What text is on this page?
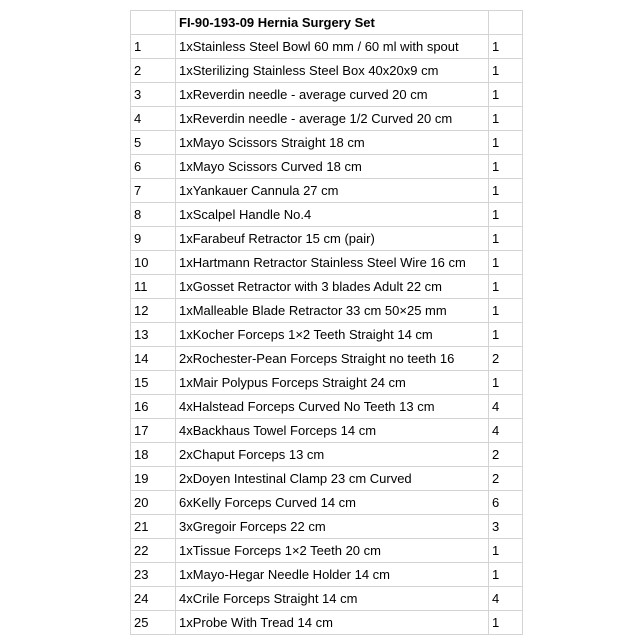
	FI-90-193-09 Hernia Surgery Set	
1	1xStainless Steel Bowl 60 mm / 60 ml with spout	1
2	1xSterilizing Stainless Steel Box 40x20x9 cm	1
3	1xReverdin needle - average curved 20 cm	1
4	1xReverdin needle - average 1/2 Curved 20 cm	1
5	1xMayo Scissors Straight 18 cm	1
6	1xMayo Scissors Curved 18 cm	1
7	1xYankauer Cannula 27 cm	1
8	1xScalpel Handle No.4	1
9	1xFarabeuf Retractor 15 cm (pair)	1
10	1xHartmann Retractor Stainless Steel Wire 16 cm	1
11	1xGosset Retractor with 3 blades Adult 22 cm	1
12	1xMalleable Blade Retractor 33 cm 50×25 mm	1
13	1xKocher Forceps 1×2 Teeth Straight 14 cm	1
14	2xRochester-Pean Forceps Straight no teeth 16	2
15	1xMair Polypus Forceps Straight 24 cm	1
16	4xHalstead Forceps Curved No Teeth 13 cm	4
17	4xBackhaus Towel Forceps 14 cm	4
18	2xChaput Forceps 13 cm	2
19	2xDoyen Intestinal Clamp 23 cm Curved	2
20	6xKelly Forceps Curved 14 cm	6
21	3xGregoir Forceps 22 cm	3
22	1xTissue Forceps 1×2 Teeth 20 cm	1
23	1xMayo-Hegar Needle Holder 14 cm	1
24	4xCrile Forceps Straight 14 cm	4
25	1xProbe With Tread 14 cm	1
